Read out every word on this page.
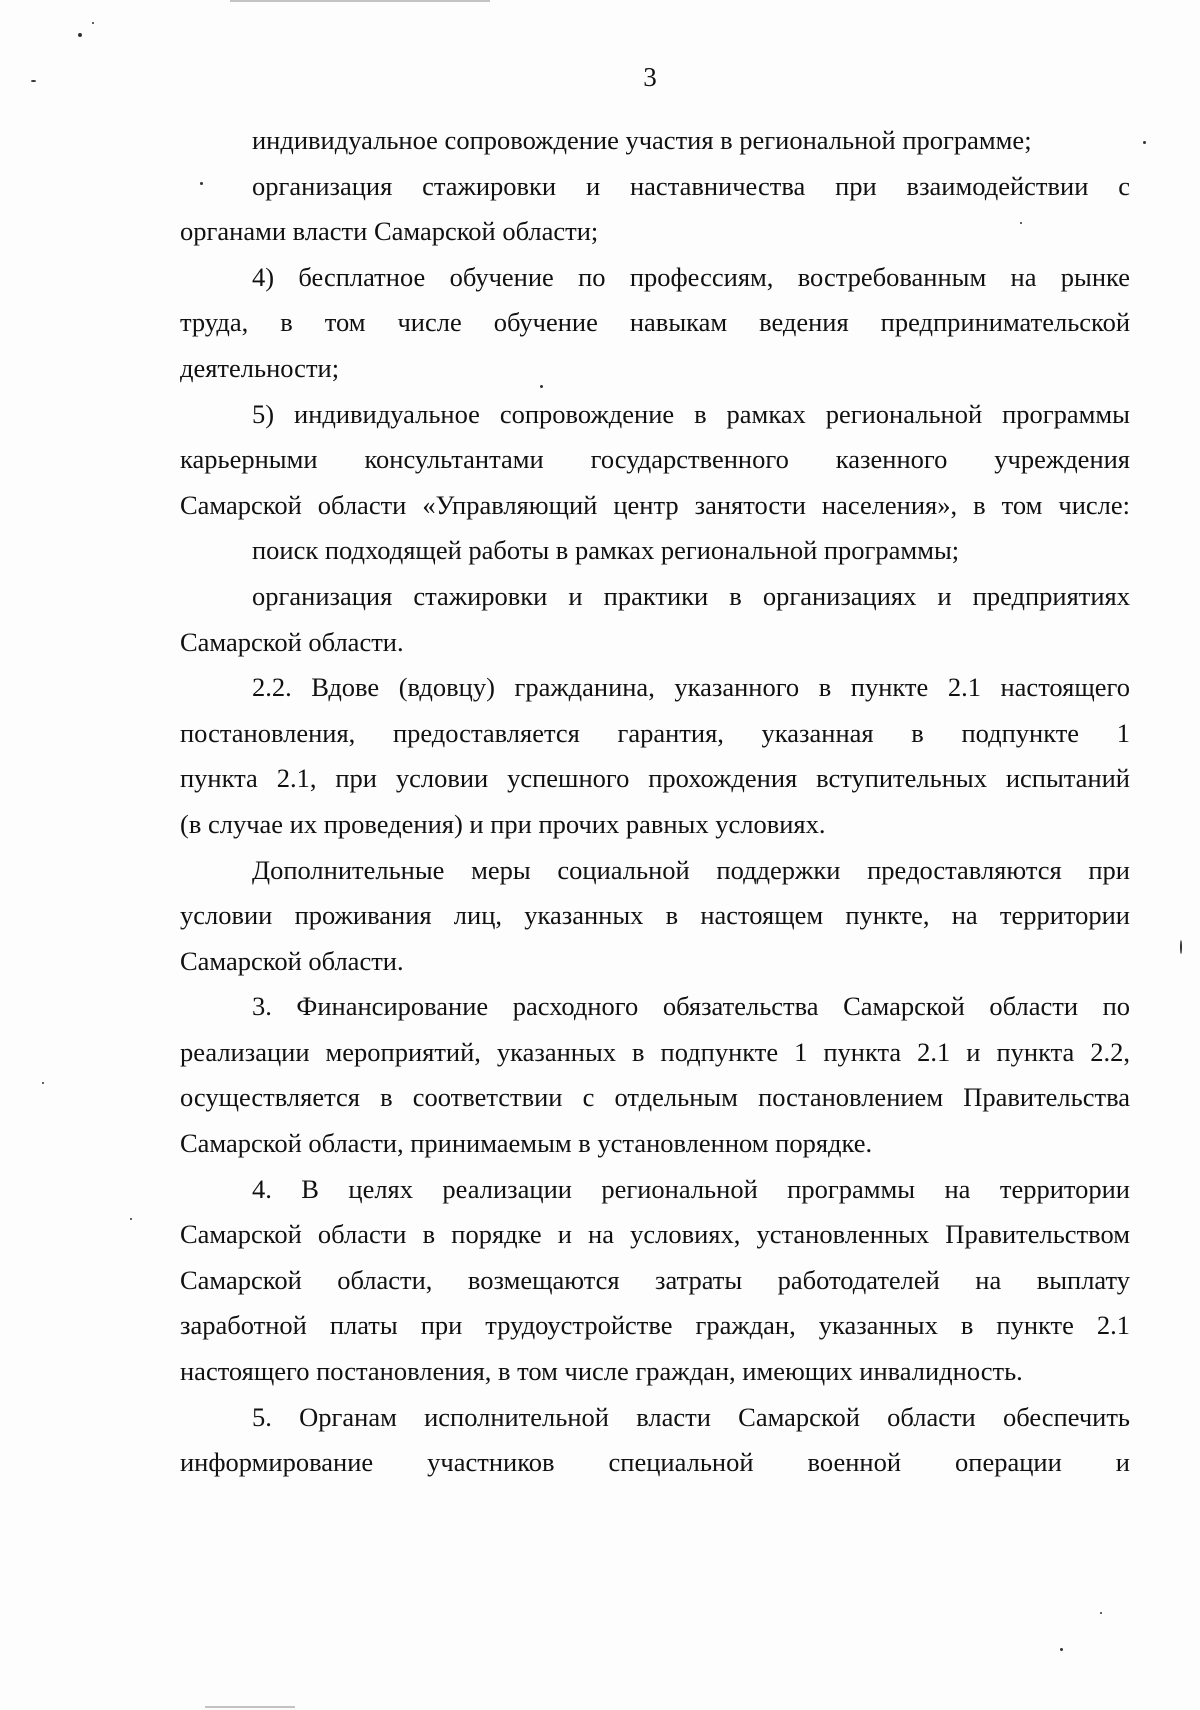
3
индивидуальное сопровождение участия в региональной программе;
организация стажировки и наставничества при взаимодействии с
органами власти Самарской области;
4) бесплатное обучение по профессиям, востребованным на рынке
труда, в том числе обучение навыкам ведения предпринимательской
деятельности;
5) индивидуальное сопровождение в рамках региональной программы
карьерными консультантами государственного казенного учреждения
Самарской области «Управляющий центр занятости населения», в том числе:
поиск подходящей работы в рамках региональной программы;
организация стажировки и практики в организациях и предприятиях
Самарской области.
2.2. Вдове (вдовцу) гражданина, указанного в пункте 2.1 настоящего
постановления, предоставляется гарантия, указанная в подпункте 1
пункта 2.1, при условии успешного прохождения вступительных испытаний
(в случае их проведения) и при прочих равных условиях.
Дополнительные меры социальной поддержки предоставляются при
условии проживания лиц, указанных в настоящем пункте, на территории
Самарской области.
3. Финансирование расходного обязательства Самарской области по
реализации мероприятий, указанных в подпункте 1 пункта 2.1 и пункта 2.2,
осуществляется в соответствии с отдельным постановлением Правительства
Самарской области, принимаемым в установленном порядке.
4. В целях реализации региональной программы на территории
Самарской области в порядке и на условиях, установленных Правительством
Самарской области, возмещаются затраты работодателей на выплату
заработной платы при трудоустройстве граждан, указанных в пункте 2.1
настоящего постановления, в том числе граждан, имеющих инвалидность.
5. Органам исполнительной власти Самарской области обеспечить
информирование участников специальной военной операции и
